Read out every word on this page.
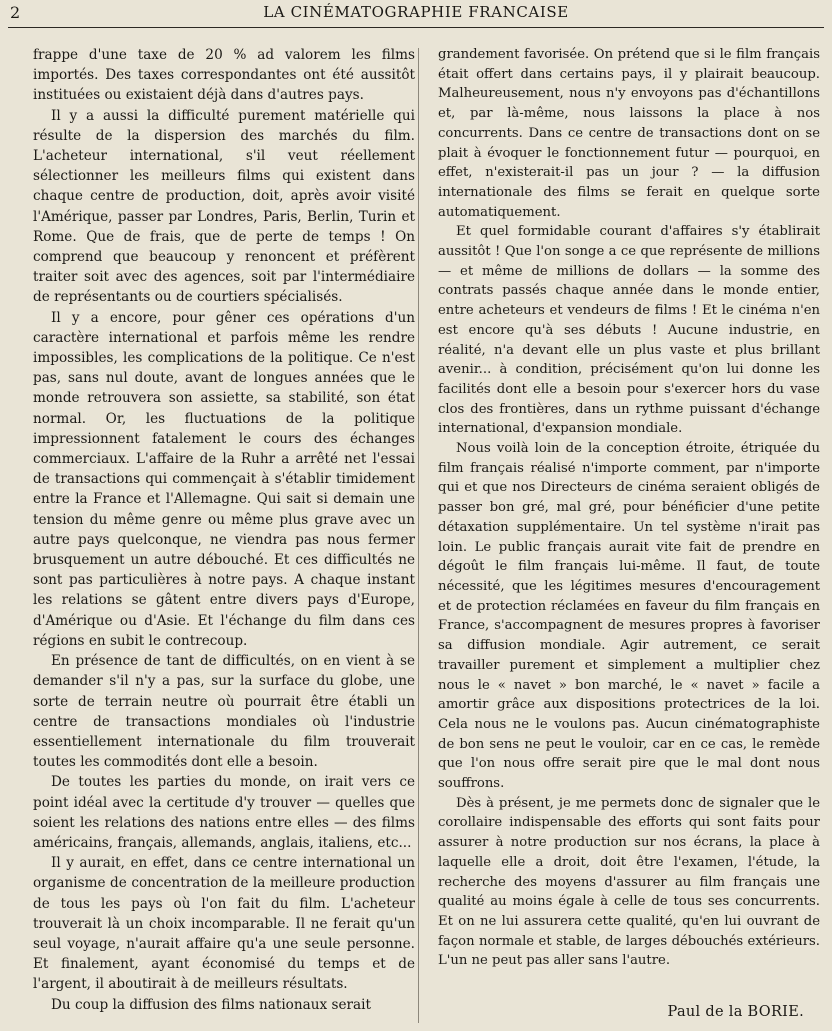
2	LA CINÉMATOGRAPHIE FRANCAISE

frappe d'une taxe de 20 % ad valorem les films importés. Des taxes correspondantes ont été aussitôt instituées ou existaient déjà dans d'autres pays.

Il y a aussi la difficulté purement matérielle qui résulte de la dispersion des marchés du film. L'acheteur international, s'il veut réellement sélectionner les meilleurs films qui existent dans chaque centre de production, doit, après avoir visité l'Amérique, passer par Londres, Paris, Berlin, Turin et Rome. Que de frais, que de perte de temps ! On comprend que beaucoup y renoncent et préfèrent traiter soit avec des agences, soit par l'intermédiaire de représentants ou de courtiers spécialisés.

Il y a encore, pour gêner ces opérations d'un caractère international et parfois même les rendre impossibles, les complications de la politique. Ce n'est pas, sans nul doute, avant de longues années que le monde retrouvera son assiette, sa stabilité, son état normal. Or, les fluctuations de la politique impressionnent fatalement le cours des échanges commerciaux. L'affaire de la Ruhr a arrêté net l'essai de transactions qui commençait à s'établir timidement entre la France et l'Allemagne. Qui sait si demain une tension du même genre ou même plus grave avec un autre pays quelconque, ne viendra pas nous fermer brusquement un autre débouché. Et ces difficultés ne sont pas particulières à notre pays. A chaque instant les relations se gâtent entre divers pays d'Europe, d'Amérique ou d'Asie. Et l'échange du film dans ces régions en subit le contrecoup.

En présence de tant de difficultés, on en vient à se demander s'il n'y a pas, sur la surface du globe, une sorte de terrain neutre où pourrait être établi un centre de transactions mondiales où l'industrie essentiellement internationale du film trouverait toutes les commodités dont elle a besoin.

De toutes les parties du monde, on irait vers ce point idéal avec la certitude d'y trouver — quelles que soient les relations des nations entre elles — des films américains, français, allemands, anglais, italiens, etc...

Il y aurait, en effet, dans ce centre international un organisme de concentration de la meilleure production de tous les pays où l'on fait du film. L'acheteur trouverait là un choix incomparable. Il ne ferait qu'un seul voyage, n'aurait affaire qu'a une seule personne. Et finalement, ayant économisé du temps et de l'argent, il aboutirait à de meilleurs résultats.

Du coup la diffusion des films nationaux serait

grandement favorisée. On prétend que si le film français était offert dans certains pays, il y plairait beaucoup. Malheureusement, nous n'y envoyons pas d'échantillons et, par là-même, nous laissons la place à nos concurrents. Dans ce centre de transactions dont on se plait à évoquer le fonctionnement futur — pourquoi, en effet, n'existerait-il pas un jour ? — la diffusion internationale des films se ferait en quelque sorte automatiquement.

Et quel formidable courant d'affaires s'y établirait aussitôt ! Que l'on songe a ce que représente de millions — et même de millions de dollars — la somme des contrats passés chaque année dans le monde entier, entre acheteurs et vendeurs de films ! Et le cinéma n'en est encore qu'à ses débuts ! Aucune industrie, en réalité, n'a devant elle un plus vaste et plus brillant avenir... à condition, précisément qu'on lui donne les facilités dont elle a besoin pour s'exercer hors du vase clos des frontières, dans un rythme puissant d'échange international, d'expansion mondiale.

Nous voilà loin de la conception étroite, étriquée du film français réalisé n'importe comment, par n'importe qui et que nos Directeurs de cinéma seraient obligés de passer bon gré, mal gré, pour bénéficier d'une petite détaxation supplémentaire. Un tel système n'irait pas loin. Le public français aurait vite fait de prendre en dégoût le film français lui-même. Il faut, de toute nécessité, que les légitimes mesures d'encouragement et de protection réclamées en faveur du film français en France, s'accompagnent de mesures propres à favoriser sa diffusion mondiale. Agir autrement, ce serait travailler purement et simplement a multiplier chez nous le « navet » bon marché, le « navet » facile a amortir grâce aux dispositions protectrices de la loi. Cela nous ne le voulons pas. Aucun cinématographiste de bon sens ne peut le vouloir, car en ce cas, le remède que l'on nous offre serait pire que le mal dont nous souffrons.

Dès à présent, je me permets donc de signaler que le corollaire indispensable des efforts qui sont faits pour assurer à notre production sur nos écrans, la place à laquelle elle a droit, doit être l'examen, l'étude, la recherche des moyens d'assurer au film français une qualité au moins égale à celle de tous ses concurrents. Et on ne lui assurera cette qualité, qu'en lui ouvrant de façon normale et stable, de larges débouchés extérieurs. L'un ne peut pas aller sans l'autre.

Paul de la BORIE.
